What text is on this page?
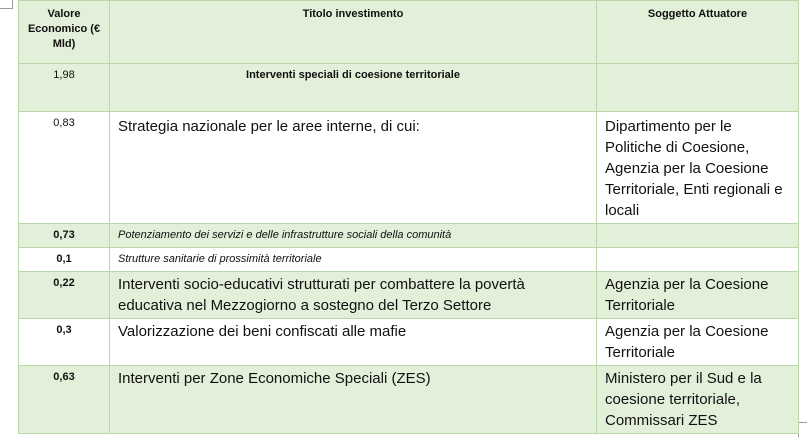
Valore Economico (€ Mld)	Titolo investimento	Soggetto Attuatore
1,98	Interventi speciali di coesione territoriale	
0,83	Strategia nazionale per le aree interne, di cui:	Dipartimento per le Politiche di Coesione, Agenzia per la Coesione Territoriale, Enti regionali e locali
0,73	Potenziamento dei servizi e delle infrastrutture sociali della comunità	
0,1	Strutture sanitarie di prossimità territoriale	
0,22	Interventi socio-educativi strutturati per combattere la povertà educativa nel Mezzogiorno a sostegno del Terzo Settore	Agenzia per la Coesione Territoriale
0,3	Valorizzazione dei beni confiscati alle mafie	Agenzia per la Coesione Territoriale
0,63	Interventi per Zone Economiche Speciali (ZES)	Ministero per il Sud e la coesione territoriale, Commissari ZES
